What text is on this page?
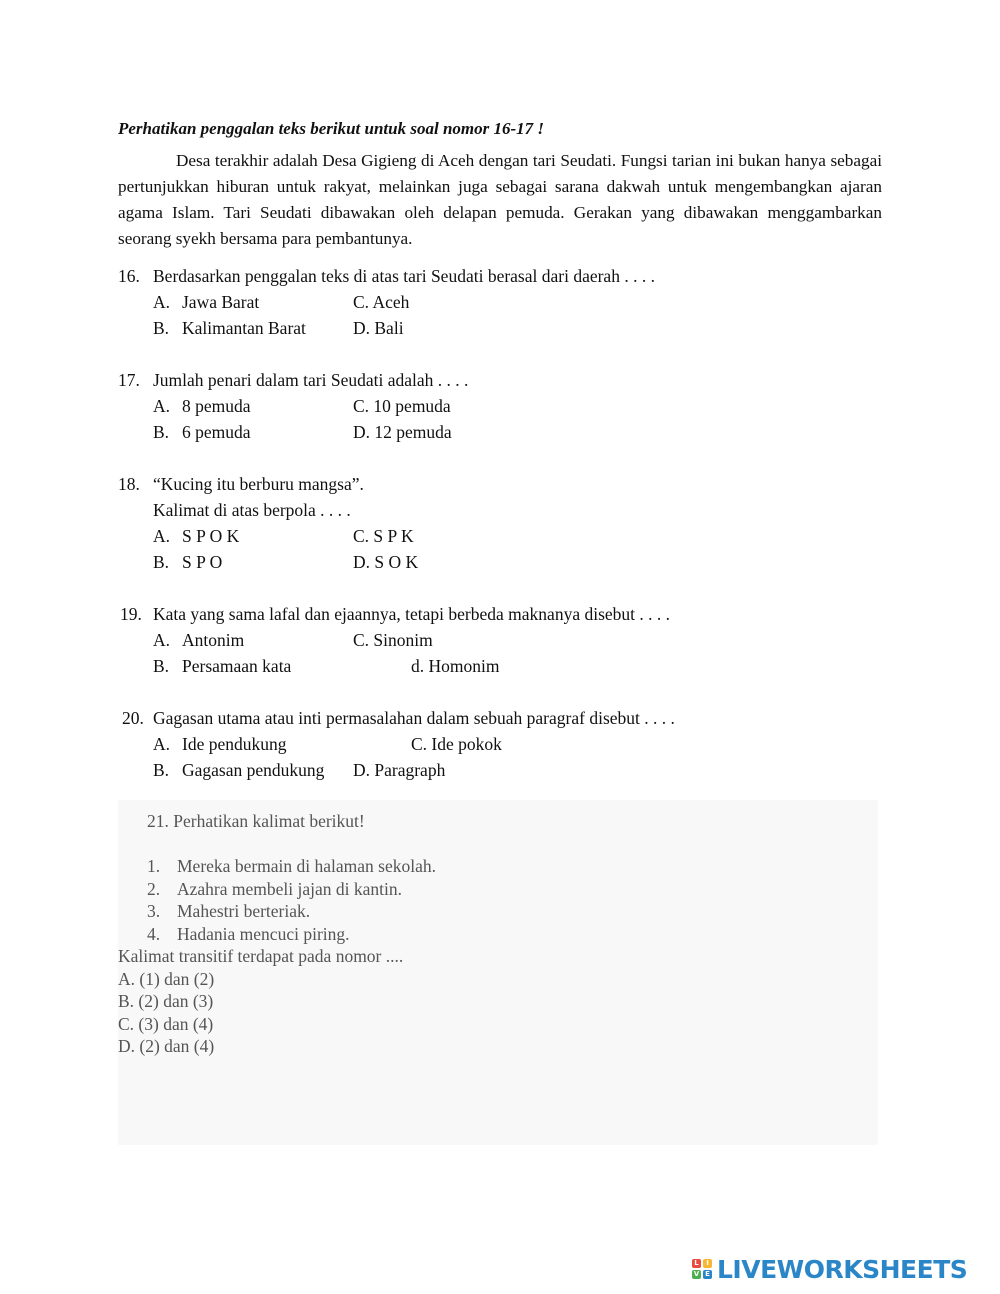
Perhatikan penggalan teks berikut untuk soal nomor 16-17 !
Desa terakhir adalah Desa Gigieng di Aceh dengan tari Seudati. Fungsi tarian ini bukan hanya sebagai pertunjukkan hiburan untuk rakyat, melainkan juga sebagai sarana dakwah untuk mengembangkan ajaran agama Islam. Tari Seudati dibawakan oleh delapan pemuda. Gerakan yang dibawakan menggambarkan seorang syekh bersama para pembantunya.
16. Berdasarkan penggalan teks di atas tari Seudati berasal dari daerah . . . .
A. Jawa Barat
B. Kalimantan Barat
C. Aceh
D. Bali
17. Jumlah penari dalam tari Seudati adalah . . . .
A. 8 pemuda
B. 6 pemuda
C. 10 pemuda
D. 12 pemuda
18. “Kucing itu berburu mangsa”.
Kalimat di atas berpola . . . .
A. S P O K
B. S P O
C. S P K
D. S O K
19. Kata yang sama lafal dan ejaannya, tetapi berbeda maknanya disebut . . . .
A. Antonim
B. Persamaan kata
C. Sinonim
d. Homonim
20. Gagasan utama atau inti permasalahan dalam sebuah paragraf disebut . . . .
A. Ide pendukung
B. Gagasan pendukung
C. Ide pokok
D. Paragraph
21. Perhatikan kalimat berikut!
1. Mereka bermain di halaman sekolah.
2. Azahra membeli jajan di kantin.
3. Mahestri berteriak.
4. Hadania mencuci piring.
Kalimat transitif terdapat pada nomor ....
A. (1) dan (2)
B. (2) dan (3)
C. (3) dan (4)
D. (2) dan (4)
L	I
V E LIVEWORKSHEETS
